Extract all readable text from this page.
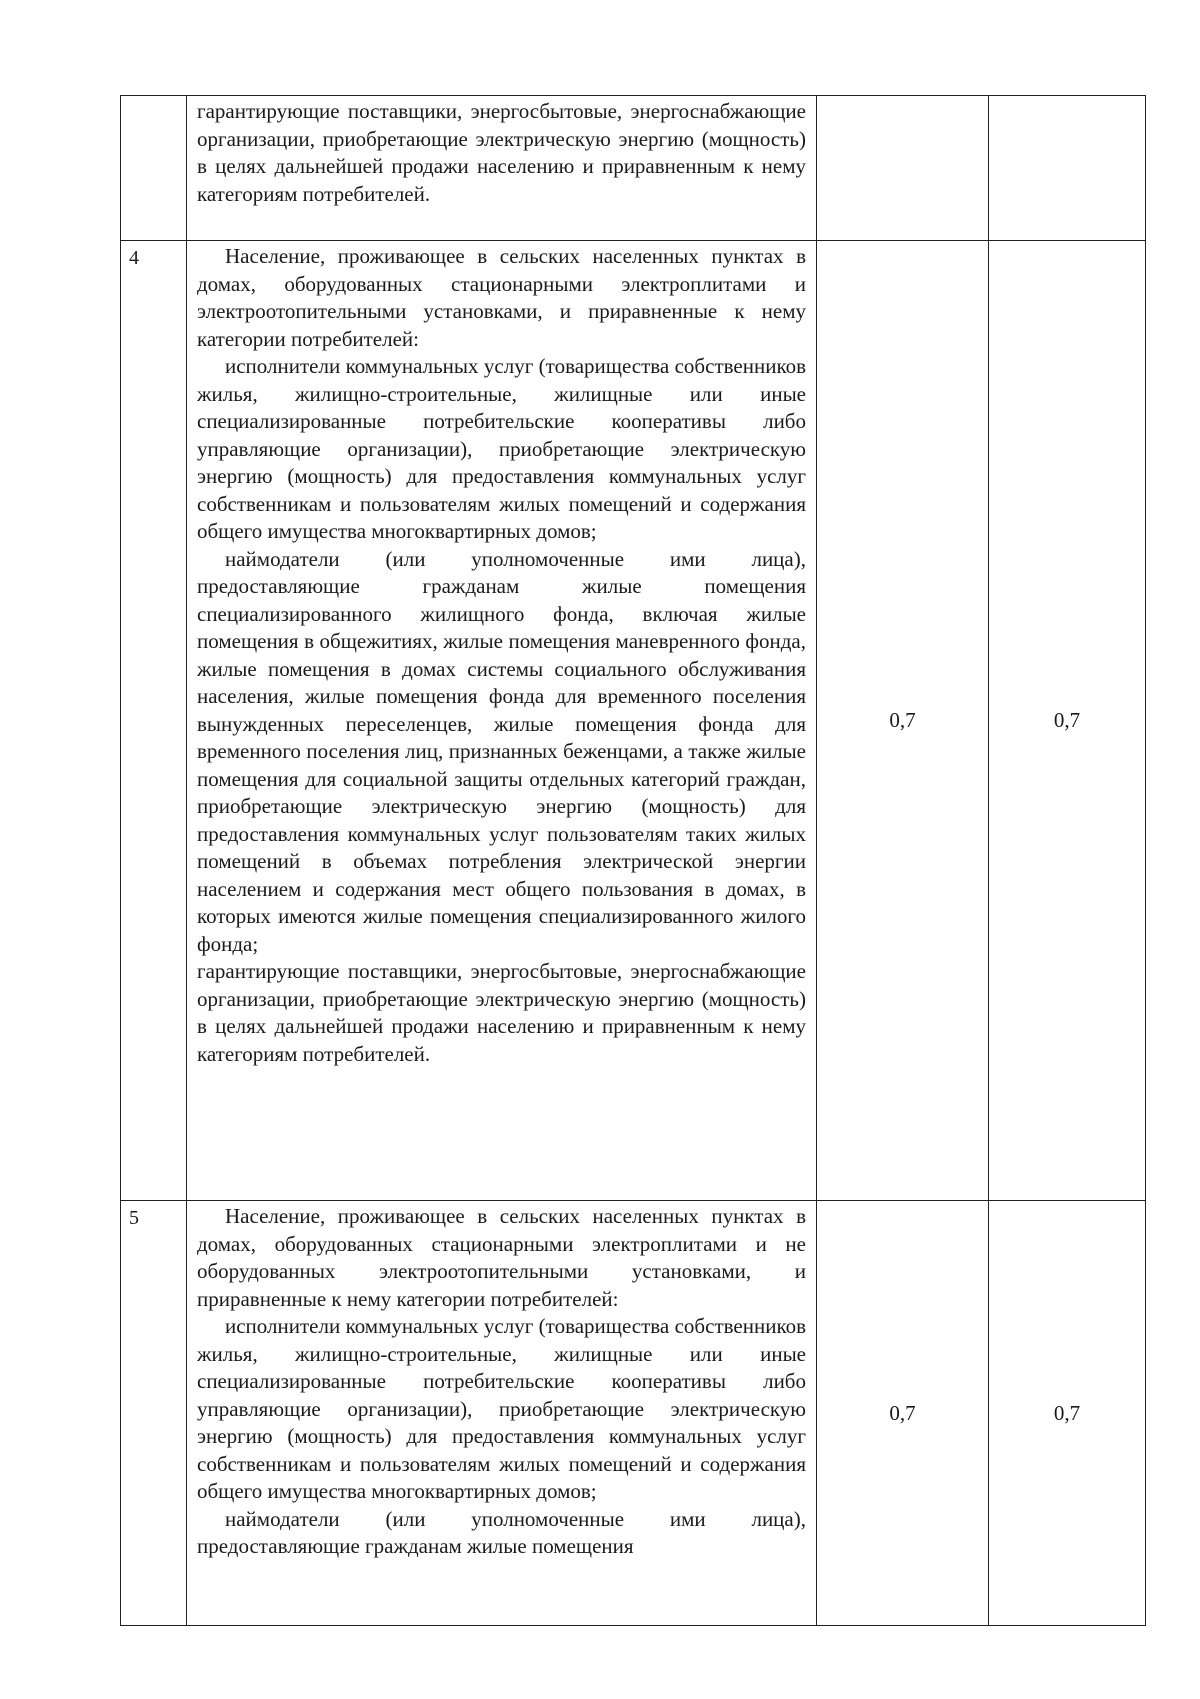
	гарантирующие поставщики, энергосбытовые, энергоснабжающие организации, приобретающие электрическую энергию (мощность) в целях дальнейшей продажи населению и приравненным к нему категориям потребителей.		

4	Население, проживающее в сельских населенных пунктах в домах, оборудованных стационарными электроплитами и электроотопительными установками, и приравненные к нему категории потребителей:

исполнители коммунальных услуг (товарищества собственников жилья, жилищно-строительные, жилищные или иные специализированные потребительские кооперативы либо управляющие организации), приобретающие электрическую энергию (мощность) для предоставления коммунальных услуг собственникам и пользователям жилых помещений и содержания общего имущества многоквартирных домов;

наймодатели (или уполномоченные ими лица), предоставляющие гражданам жилые помещения специализированного жилищного фонда, включая жилые помещения в общежитиях, жилые помещения маневренного фонда, жилые помещения в домах системы социального обслуживания населения, жилые помещения фонда для временного поселения вынужденных переселенцев, жилые помещения фонда для временного поселения лиц, признанных беженцами, а также жилые помещения для социальной защиты отдельных категорий граждан, приобретающие электрическую энергию (мощность) для предоставления коммунальных услуг пользователям таких жилых помещений в объемах потребления электрической энергии населением и содержания мест общего пользования в домах, в которых имеются жилые помещения специализированного жилого фонда;

гарантирующие поставщики, энергосбытовые, энергоснабжающие организации, приобретающие электрическую энергию (мощность) в целях дальнейшей продажи населению и приравненным к нему категориям потребителей.	0,7	0,7
5	Население, проживающее в сельских населенных пунктах в домах, оборудованных стационарными электроплитами и не оборудованных электроотопительными установками, и приравненные к нему категории потребителей:

исполнители коммунальных услуг (товарищества собственников жилья, жилищно-строительные, жилищные или иные специализированные потребительские кооперативы либо управляющие организации), приобретающие электрическую энергию (мощность) для предоставления коммунальных услуг собственникам и пользователям жилых помещений и содержания общего имущества многоквартирных домов;

наймодатели (или уполномоченные ими лица), предоставляющие гражданам жилые помещения	0,7	0,7
